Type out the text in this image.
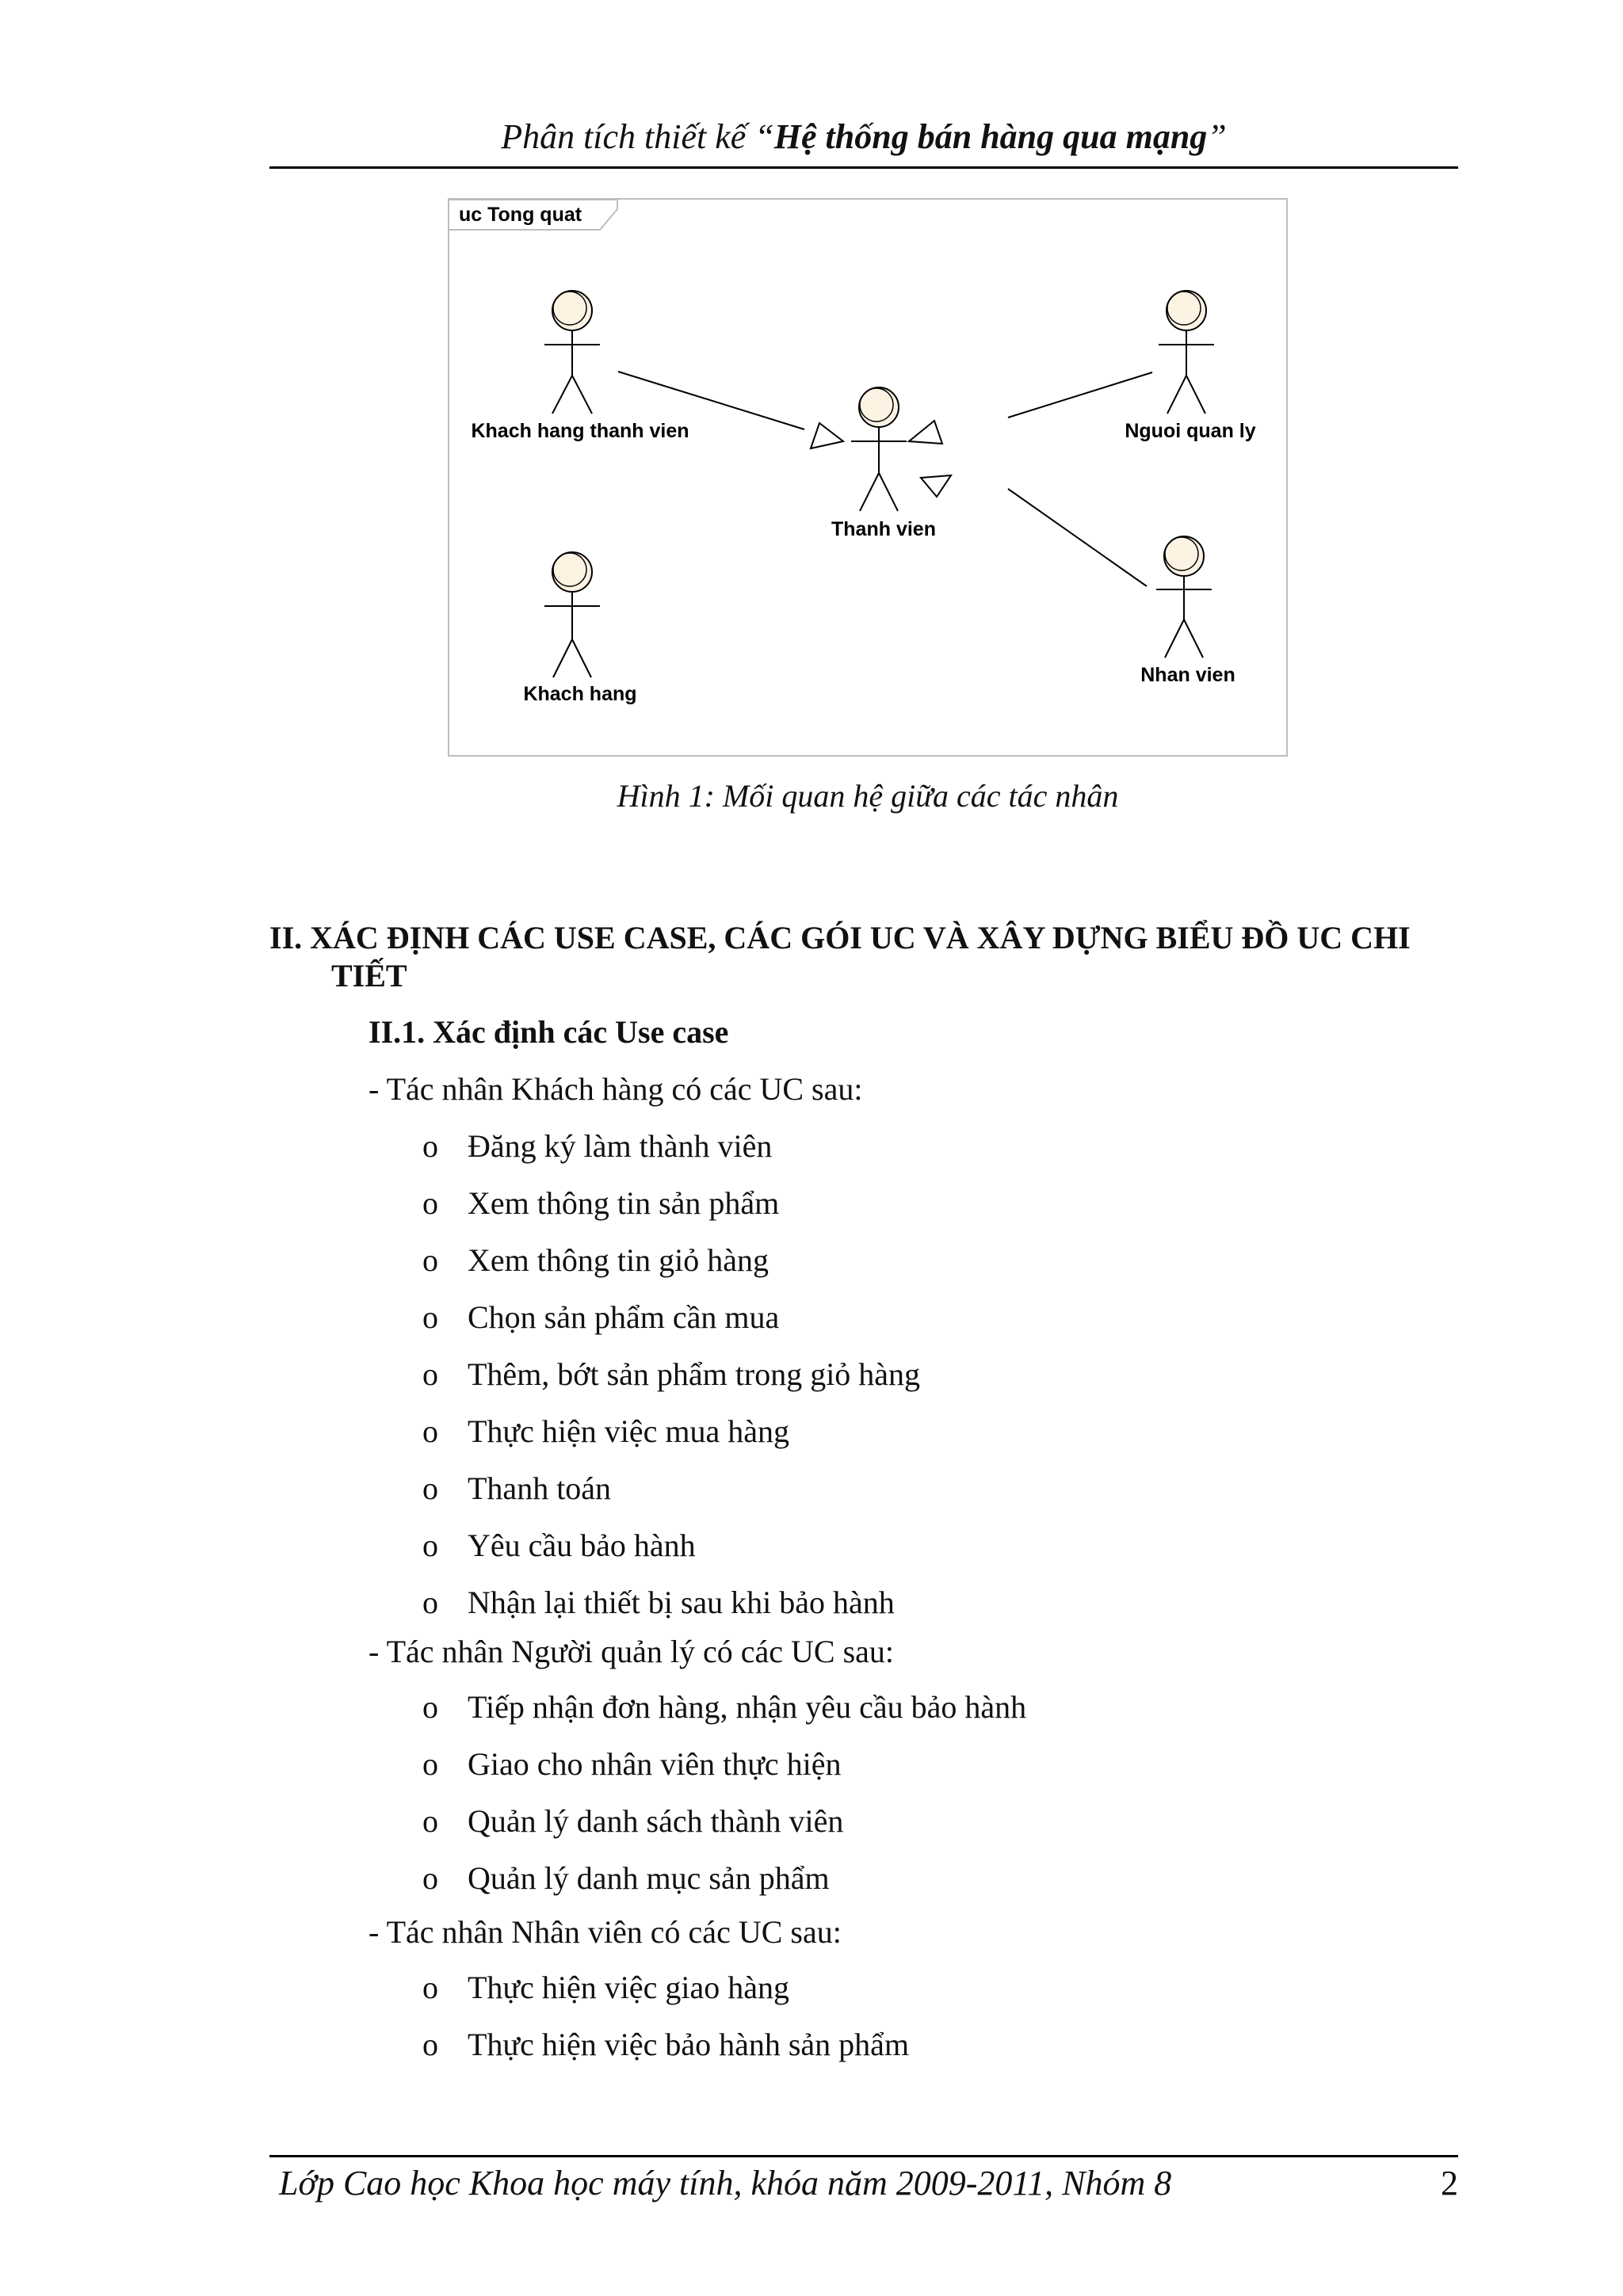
Phân tích thiết kế “Hệ thống bán hàng qua mạng”
uc Tong quat
Khach hang thanh vien
Thanh vien
Nguoi quan ly
Nhan vien
Khach hang
Hình 1: Mối quan hệ giữa các tác nhân
II. XÁC ĐỊNH CÁC USE CASE, CÁC GÓI UC VÀ XÂY DỰNG BIỂU ĐỒ UC CHI
TIẾT
II.1. Xác định các Use case
- Tác nhân Khách hàng có các UC sau:
o Đăng ký làm thành viên
o Xem thông tin sản phẩm
o Xem thông tin giỏ hàng
o Chọn sản phẩm cần mua
o Thêm, bớt sản phẩm trong giỏ hàng
o Thực hiện việc mua hàng
o Thanh toán
o Yêu cầu bảo hành
o Nhận lại thiết bị sau khi bảo hành
- Tác nhân Người quản lý có các UC sau:
o Tiếp nhận đơn hàng, nhận yêu cầu bảo hành
o Giao cho nhân viên thực hiện
o Quản lý danh sách thành viên
o Quản lý danh mục sản phẩm
- Tác nhân Nhân viên có các UC sau:
o Thực hiện việc giao hàng
o Thực hiện việc bảo hành sản phẩm
Lớp Cao học Khoa học máy tính, khóa năm 2009-2011, Nhóm 8	2
